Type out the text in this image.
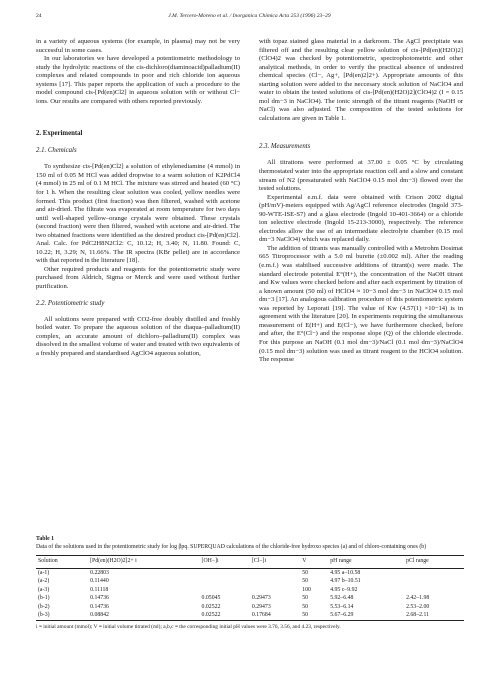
24	J.M. Tercero-Moreno et al. / Inorganica Chimica Acta 253 (1996) 23–29

in a variety of aqueous systems (for example, in plasma) may not be very successful in some cases.

In our laboratories we have developed a potentiometric methodology to study the hydrolytic reactions of the cis-dichloro(diaminoacid)palladium(II) complexes and related compounds in poor and rich chloride ion aqueous systems [17]. This paper reports the application of such a procedure to the model compound cis-[Pd(en)Cl2] in aqueous solution with or without Cl− ions. Our results are compared with others reported previously.

2. Experimental
2.1. Chemicals

To synthesize cis-[Pd(en)Cl2] a solution of ethylenediamine (4 mmol) in 150 ml of 0.05 M HCl was added dropwise to a warm solution of K2PdCl4 (4 mmol) in 25 ml of 0.1 M HCl. The mixture was stirred and heated (60 °C) for 1 h. When the resulting clear solution was cooled, yellow needles were formed. This product (first fraction) was then filtered, washed with acetone and air-dried. The filtrate was evaporated at room temperature for two days until well-shaped yellow–orange crystals were obtained. These crystals (second fraction) were then filtered, washed with acetone and air-dried. The two obtained fractions were identified as the desired product cis-[Pd(en)Cl2]. Anal. Calc. for PdC2H8N2Cl2: C, 10.12; H, 3.40; N, 11.80. Found: C, 10.22; H, 3.29; N, 11.66%. The IR spectra (KBr pellet) are in accordance with that reported in the literature [18].

Other required products and reagents for the potentiometric study were purchased from Aldrich, Sigma or Merck and were used without further purification.

2.2. Potentiometric study

All solutions were prepared with CO2-free doubly distilled and freshly boiled water. To prepare the aqueous solution of the diaqua–palladium(II) complex, an accurate amount of dichloro–palladium(II) complex was dissolved in the smallest volume of water and treated with two equivalents of a freshly prepared and standardised AgClO4 aqueous solution,

with topaz stained glass material in a darkroom. The AgCl precipitate was filtered off and the resulting clear yellow solution of cis-[Pd(en)(H2O)2](ClO4)2 was checked by potentiometric, spectrophotometric and other analytical methods, in order to verify the practical absence of undesired chemical species (Cl−, Ag+, [Pd(en)2]2+). Appropriate amounts of this starting solution were added to the neccesary stock solution of NaClO4 and water to obtain the tested solutions of cis-[Pd(en)(H2O)2](ClO4)2 (I = 0.15 mol dm−3 in NaClO4). The ionic strength of the titrant reagents (NaOH or NaCl) was also adjusted. The composition of the tested solutions for calculations are given in Table 1.

2.3. Measurements

All titrations were performed at 37.00 ± 0.05 °C by circulating thermostated water into the appropriate reaction cell and a slow and constant stream of N2 (presaturated with NaClO4 0.15 mol dm−3) flowed over the tested solutions.

Experimental e.m.f. data were obtained with Crison 2002 digital (pH/mV)-meters equipped with Ag/AgCl reference electrodes (Ingold 373-90-WTE-ISE-S7) and a glass electrode (Ingold 10-401-3664) or a chloride ion selective electrode (Ingold 15-213-3000), respectively. The reference electrodes allow the use of an intermediate electrolyte chamber (0.15 mol dm−3 NaClO4) which was replaced daily.

The addition of titrants was manually controlled with a Metrohm Dosimat 665 Titroprocessor with a 5.0 ml burette (±0.002 ml). After the reading (e.m.f.) was stabilised successive additions of titrant(s) were made. The standard electrode potential E°(H+), the concentration of the NaOH titrant and Kw values were checked before and after each experiment by titration of a known amount (50 ml) of HClO4 ≈ 10−3 mol dm−3 in NaClO4 0.15 mol dm−3 [17]. An analogous calibration procedure of this potentiometric system was reported by Leporati [19]. The value of Kw (4.57(1) ×10−14) is in agreement with the literature [20]. In experiments requiring the simultaneous measurement of E(H+) and E(Cl−), we have furthermore checked, before and after, the E°(Cl−) and the response slope (Q) of the chloride electrode. For this purpose an NaOH (0.1 mol dm−3)/NaCl (0.1 mol dm−3)/NaClO4 (0.15 mol dm−3) solution was used as titrant reagent to the HClO4 solution. The response

Table 1
Data of the solutions used in the potentiometric study for log βpq. SUPERQUAD calculations of the chloride-free hydroxo species (a) and of chloro-containing ones (b)
Solution	[Pd(en)(H2O)2]2+ i	[OH−]i	[Cl−]i	V	pH range	pCl range
(a-1)	0.22803			50	4.95 a–10.58	
(a-2)	0.11440			50	4.97 b–10.51	
(a-3)	0.11118			100	4.95 c–9.92	
(b-1)	0.14736	0.05045	0.29473	50	5.92–6.48	2.42–1.98
(b-2)	0.14736	0.02522	0.29473	50	5.53–6.14	2.53–2.00
(b-3)	0.08842	0.02522	0.17684	50	5.67–6.29	2.68–2.11
i ≡ initial amount (mmol); V ≡ initial volume titrated (ml); a,b,c ≡ the corresponding initial pH values were 3.76, 3.56, and 4.23, respectively.
